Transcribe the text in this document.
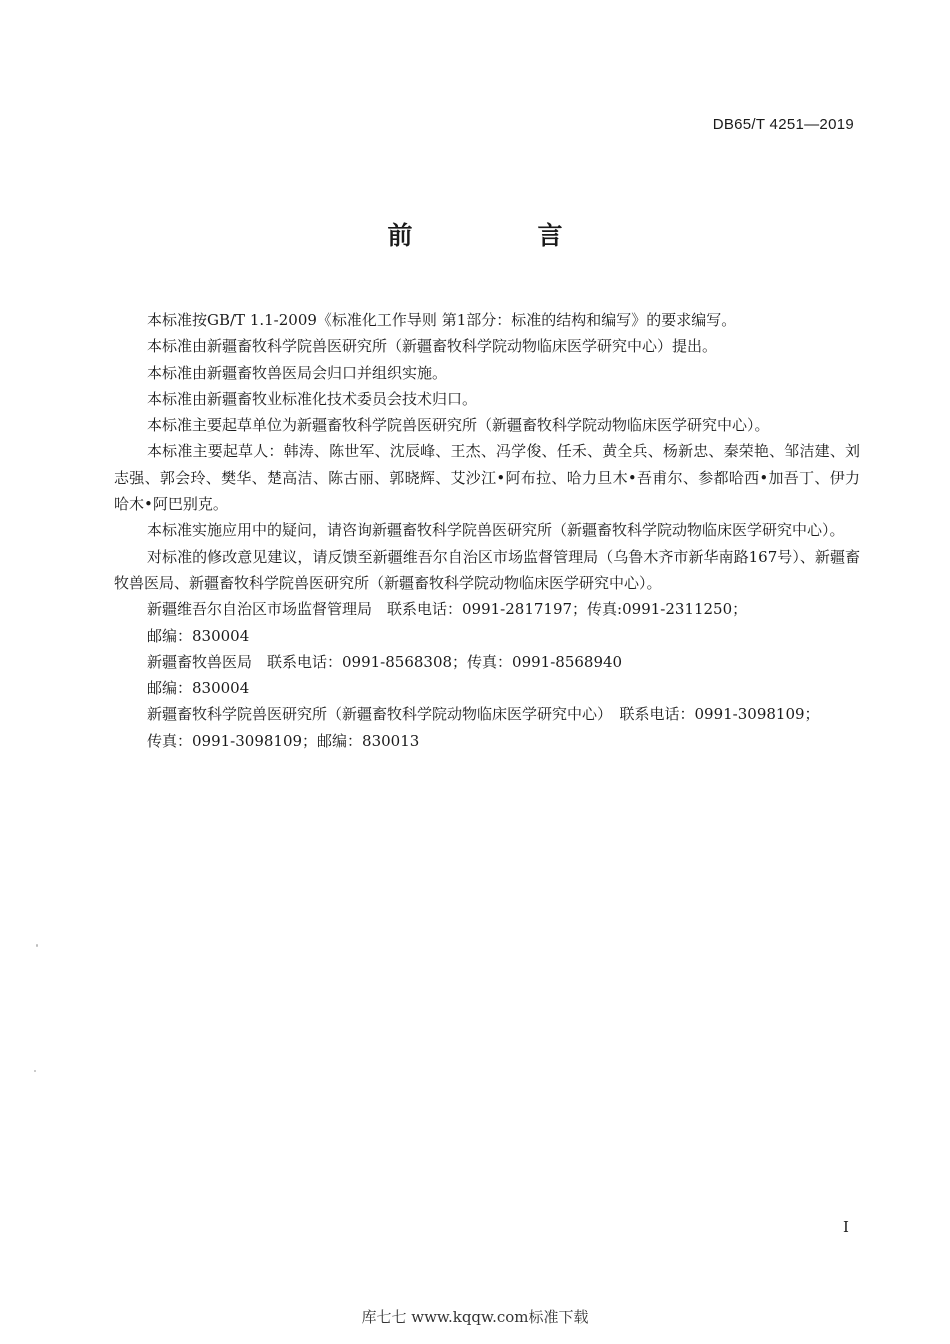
DB65/T 4251—2019
前　言

本标准按GB/T 1.1-2009《标准化工作导则 第1部分：标准的结构和编写》的要求编写。

本标准由新疆畜牧科学院兽医研究所（新疆畜牧科学院动物临床医学研究中心）提出。

本标准由新疆畜牧兽医局会归口并组织实施。

本标准由新疆畜牧业标准化技术委员会技术归口。

本标准主要起草单位为新疆畜牧科学院兽医研究所（新疆畜牧科学院动物临床医学研究中心）。

本标准主要起草人：韩涛、陈世军、沈辰峰、王杰、冯学俊、任禾、黄全兵、杨新忠、秦荣艳、邹洁建、刘志强、郭会玲、樊华、楚高洁、陈古丽、郭晓辉、艾沙江•阿布拉、哈力旦木•吾甫尔、参都哈西•加吾丁、伊力哈木•阿巴别克。

本标准实施应用中的疑问，请咨询新疆畜牧科学院兽医研究所（新疆畜牧科学院动物临床医学研究中心）。

对标准的修改意见建议，请反馈至新疆维吾尔自治区市场监督管理局（乌鲁木齐市新华南路167号）、新疆畜牧兽医局、新疆畜牧科学院兽医研究所（新疆畜牧科学院动物临床医学研究中心）。

新疆维吾尔自治区市场监督管理局　联系电话：0991-2817197；传真:0991-2311250；

邮编：830004

新疆畜牧兽医局　联系电话：0991-8568308；传真：0991-8568940

邮编：830004

新疆畜牧科学院兽医研究所（新疆畜牧科学院动物临床医学研究中心）　联系电话：0991-3098109；

传真：0991-3098109；邮编：830013

I
库七七 www.kqqw.com标准下载
